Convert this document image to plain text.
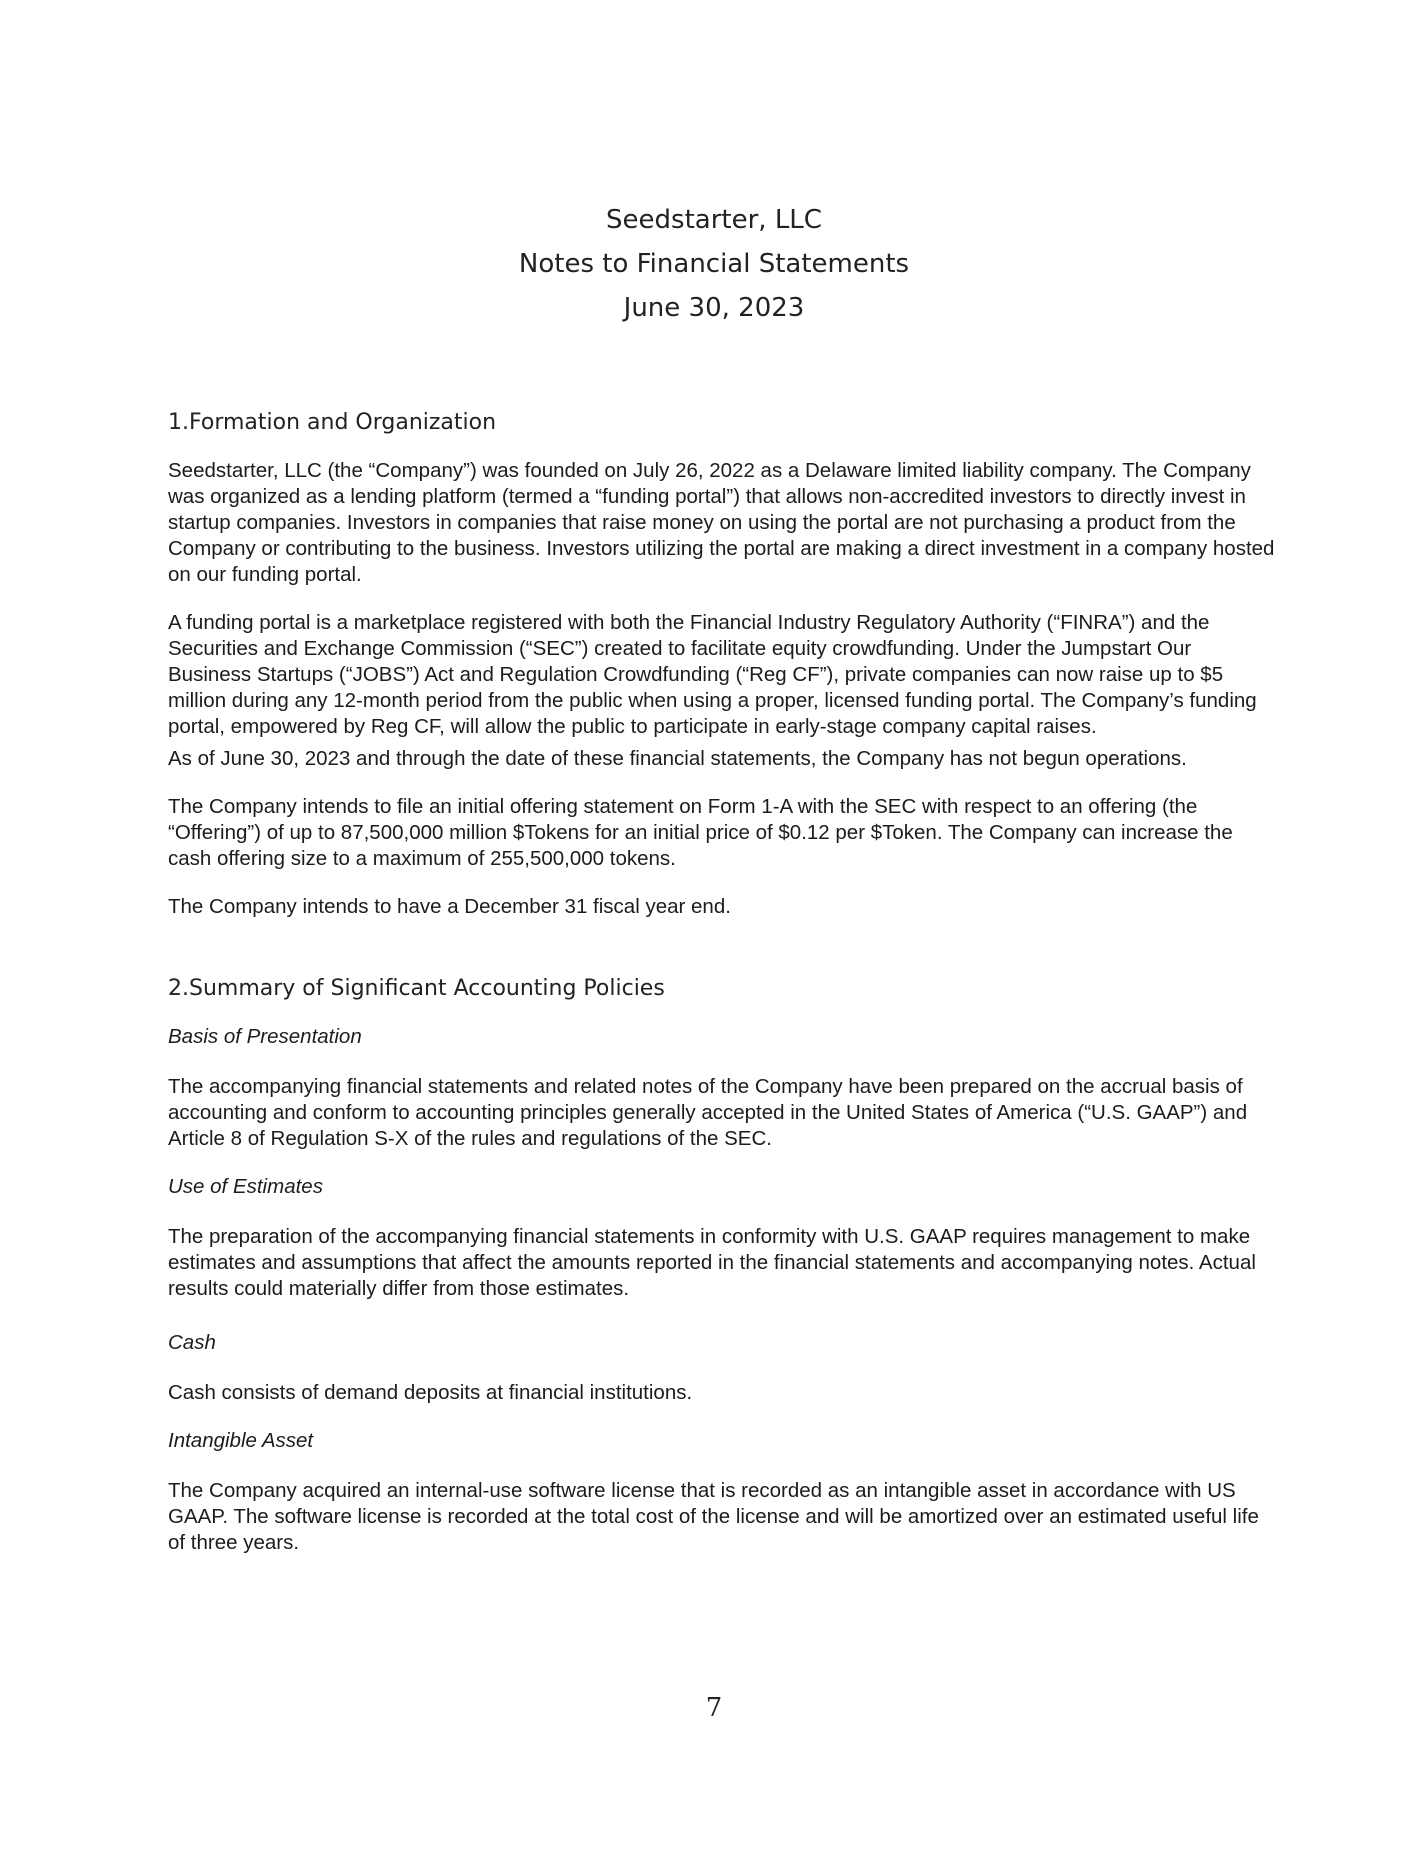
Seedstarter, LLC
Notes to Financial Statements
June 30, 2023
1.Formation and Organization

Seedstarter, LLC (the “Company”) was founded on July 26, 2022 as a Delaware limited liability company. The Company was organized as a lending platform (termed a “funding portal”) that allows non-accredited investors to directly invest in startup companies. Investors in companies that raise money on using the portal are not purchasing a product from the Company or contributing to the business. Investors utilizing the portal are making a direct investment in a company hosted on our funding portal.

A funding portal is a marketplace registered with both the Financial Industry Regulatory Authority (“FINRA”) and the Securities and Exchange Commission (“SEC”) created to facilitate equity crowdfunding. Under the Jumpstart Our Business Startups (“JOBS”) Act and Regulation Crowdfunding (“Reg CF”), private companies can now raise up to $5 million during any 12-month period from the public when using a proper, licensed funding portal. The Company’s funding portal, empowered by Reg CF, will allow the public to participate in early-stage company capital raises.

As of June 30, 2023 and through the date of these financial statements, the Company has not begun operations.

The Company intends to file an initial offering statement on Form 1-A with the SEC with respect to an offering (the “Offering”) of up to 87,500,000 million $Tokens for an initial price of $0.12 per $Token. The Company can increase the cash offering size to a maximum of 255,500,000 tokens.

The Company intends to have a December 31 fiscal year end.

2.Summary of Significant Accounting Policies
Basis of Presentation

The accompanying financial statements and related notes of the Company have been prepared on the accrual basis of accounting and conform to accounting principles generally accepted in the United States of America (“U.S. GAAP”) and Article 8 of Regulation S-X of the rules and regulations of the SEC.

Use of Estimates

The preparation of the accompanying financial statements in conformity with U.S. GAAP requires management to make estimates and assumptions that affect the amounts reported in the financial statements and accompanying notes. Actual results could materially differ from those estimates.

Cash

Cash consists of demand deposits at financial institutions.

Intangible Asset

The Company acquired an internal-use software license that is recorded as an intangible asset in accordance with US GAAP. The software license is recorded at the total cost of the license and will be amortized over an estimated useful life of three years.

7
